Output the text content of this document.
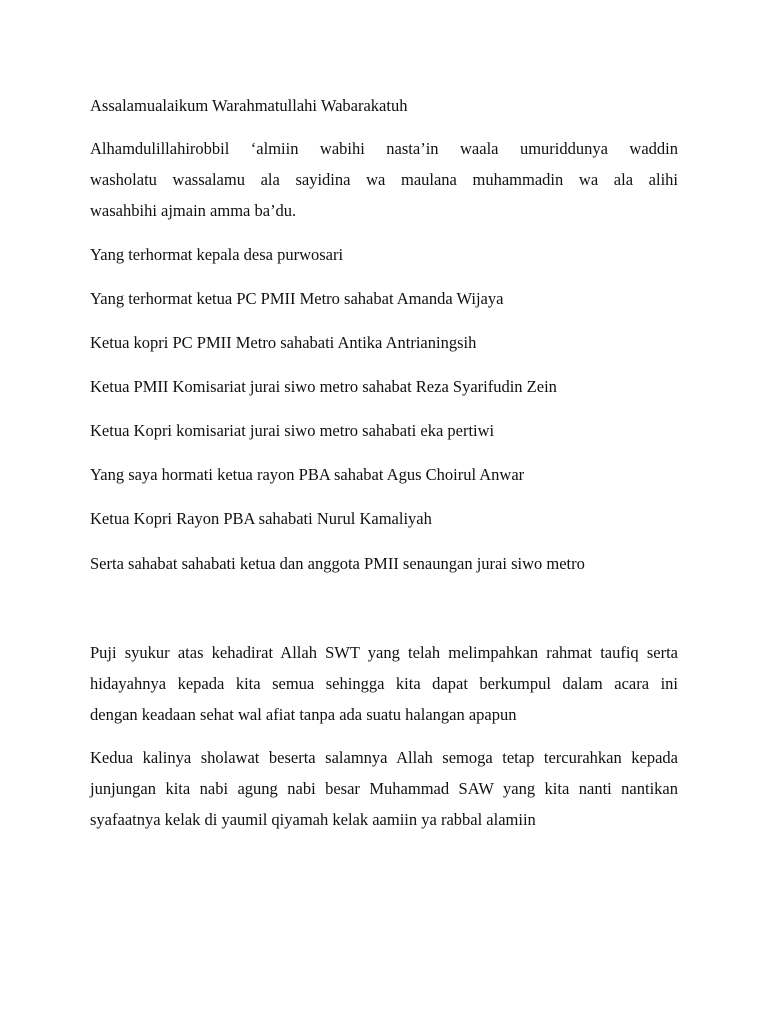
Assalamualaikum Warahmatullahi Wabarakatuh

Alhamdulillahirobbil ‘almiin wabihi nasta’in waala umuriddunya waddin
washolatu wassalamu ala sayidina wa maulana muhammadin wa ala alihi
wasahbihi ajmain amma ba’du.

Yang terhormat kepala desa purwosari

Yang terhormat ketua PC PMII Metro sahabat Amanda Wijaya

Ketua kopri PC PMII Metro sahabati Antika Antrianingsih

Ketua PMII Komisariat jurai siwo metro sahabat Reza Syarifudin Zein

Ketua Kopri komisariat jurai siwo metro sahabati eka pertiwi

Yang saya hormati ketua rayon PBA sahabat Agus Choirul Anwar

Ketua Kopri Rayon PBA sahabati Nurul Kamaliyah

Serta sahabat sahabati ketua dan anggota PMII senaungan jurai siwo metro

Puji syukur atas kehadirat Allah SWT yang telah melimpahkan rahmat taufiq serta
hidayahnya kepada kita semua sehingga kita dapat berkumpul dalam acara ini
dengan keadaan sehat wal afiat tanpa ada suatu halangan apapun
Kedua kalinya sholawat beserta salamnya Allah semoga tetap tercurahkan kepada
junjungan kita nabi agung nabi besar Muhammad SAW yang kita nanti nantikan
syafaatnya kelak di yaumil qiyamah kelak aamiin ya rabbal alamiin
